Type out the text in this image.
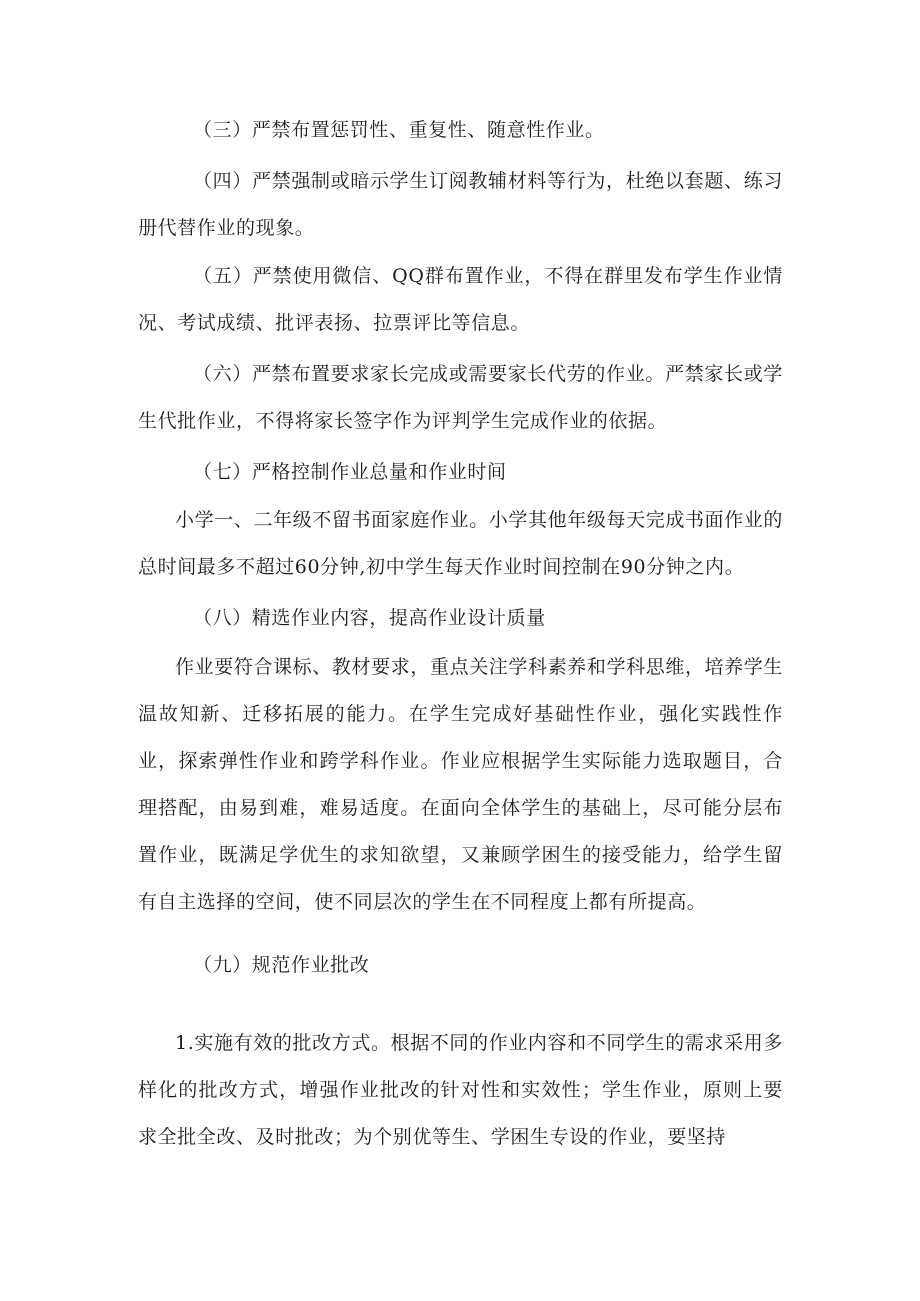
（三）严禁布置惩罚性、重复性、随意性作业。

（四）严禁强制或暗示学生订阅教辅材料等行为，杜绝以套题、练习册代替作业的现象。

（五）严禁使用微信、QQ群布置作业，不得在群里发布学生作业情况、考试成绩、批评表扬、拉票评比等信息。

（六）严禁布置要求家长完成或需要家长代劳的作业。严禁家长或学生代批作业，不得将家长签字作为评判学生完成作业的依据。

（七）严格控制作业总量和作业时间

小学一、二年级不留书面家庭作业。小学其他年级每天完成书面作业的总时间最多不超过60分钟,初中学生每天作业时间控制在90分钟之内。

（八）精选作业内容，提高作业设计质量

作业要符合课标、教材要求，重点关注学科素养和学科思维，培养学生温故知新、迁移拓展的能力。在学生完成好基础性作业，强化实践性作业，探索弹性作业和跨学科作业。作业应根据学生实际能力选取题目，合理搭配，由易到难，难易适度。在面向全体学生的基础上，尽可能分层布置作业，既满足学优生的求知欲望，又兼顾学困生的接受能力，给学生留有自主选择的空间，使不同层次的学生在不同程度上都有所提高。

（九）规范作业批改

1.实施有效的批改方式。根据不同的作业内容和不同学生的需求采用多样化的批改方式，增强作业批改的针对性和实效性；学生作业，原则上要求全批全改、及时批改；为个别优等生、学困生专设的作业，要坚持
